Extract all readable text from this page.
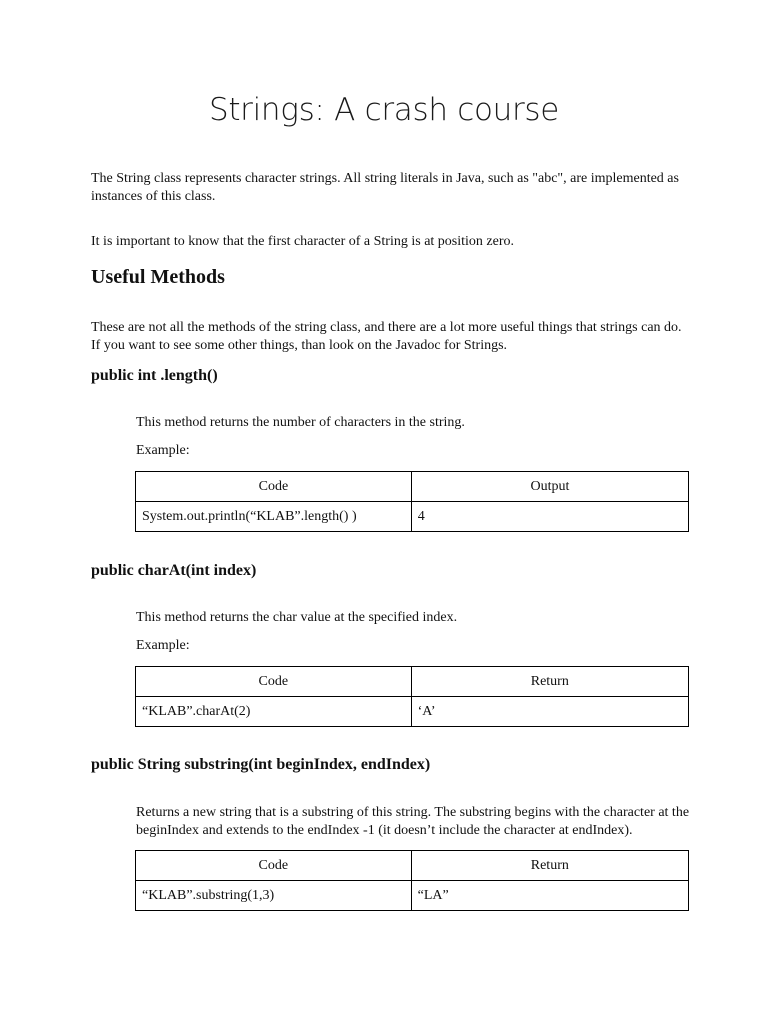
Strings: A crash course

The String class represents character strings. All string literals in Java, such as "abc", are implemented as instances of this class.

It is important to know that the first character of a String is at position zero.

Useful Methods

These are not all the methods of the string class, and there are a lot more useful things that strings can do. If you want to see some other things, than look on the Javadoc for Strings.

public int .length()

This method returns the number of characters in the string.

Example:

Code	Output
System.out.println(“KLAB”.length() )	4
public charAt(int index)

This method returns the char value at the specified index.

Example:

Code	Return
“KLAB”.charAt(2)	‘A’
public String substring(int beginIndex, endIndex)

Returns a new string that is a substring of this string. The substring begins with the character at the beginIndex and extends to the endIndex -1 (it doesn’t include the character at endIndex).

Code	Return
“KLAB”.substring(1,3)	“LA”
